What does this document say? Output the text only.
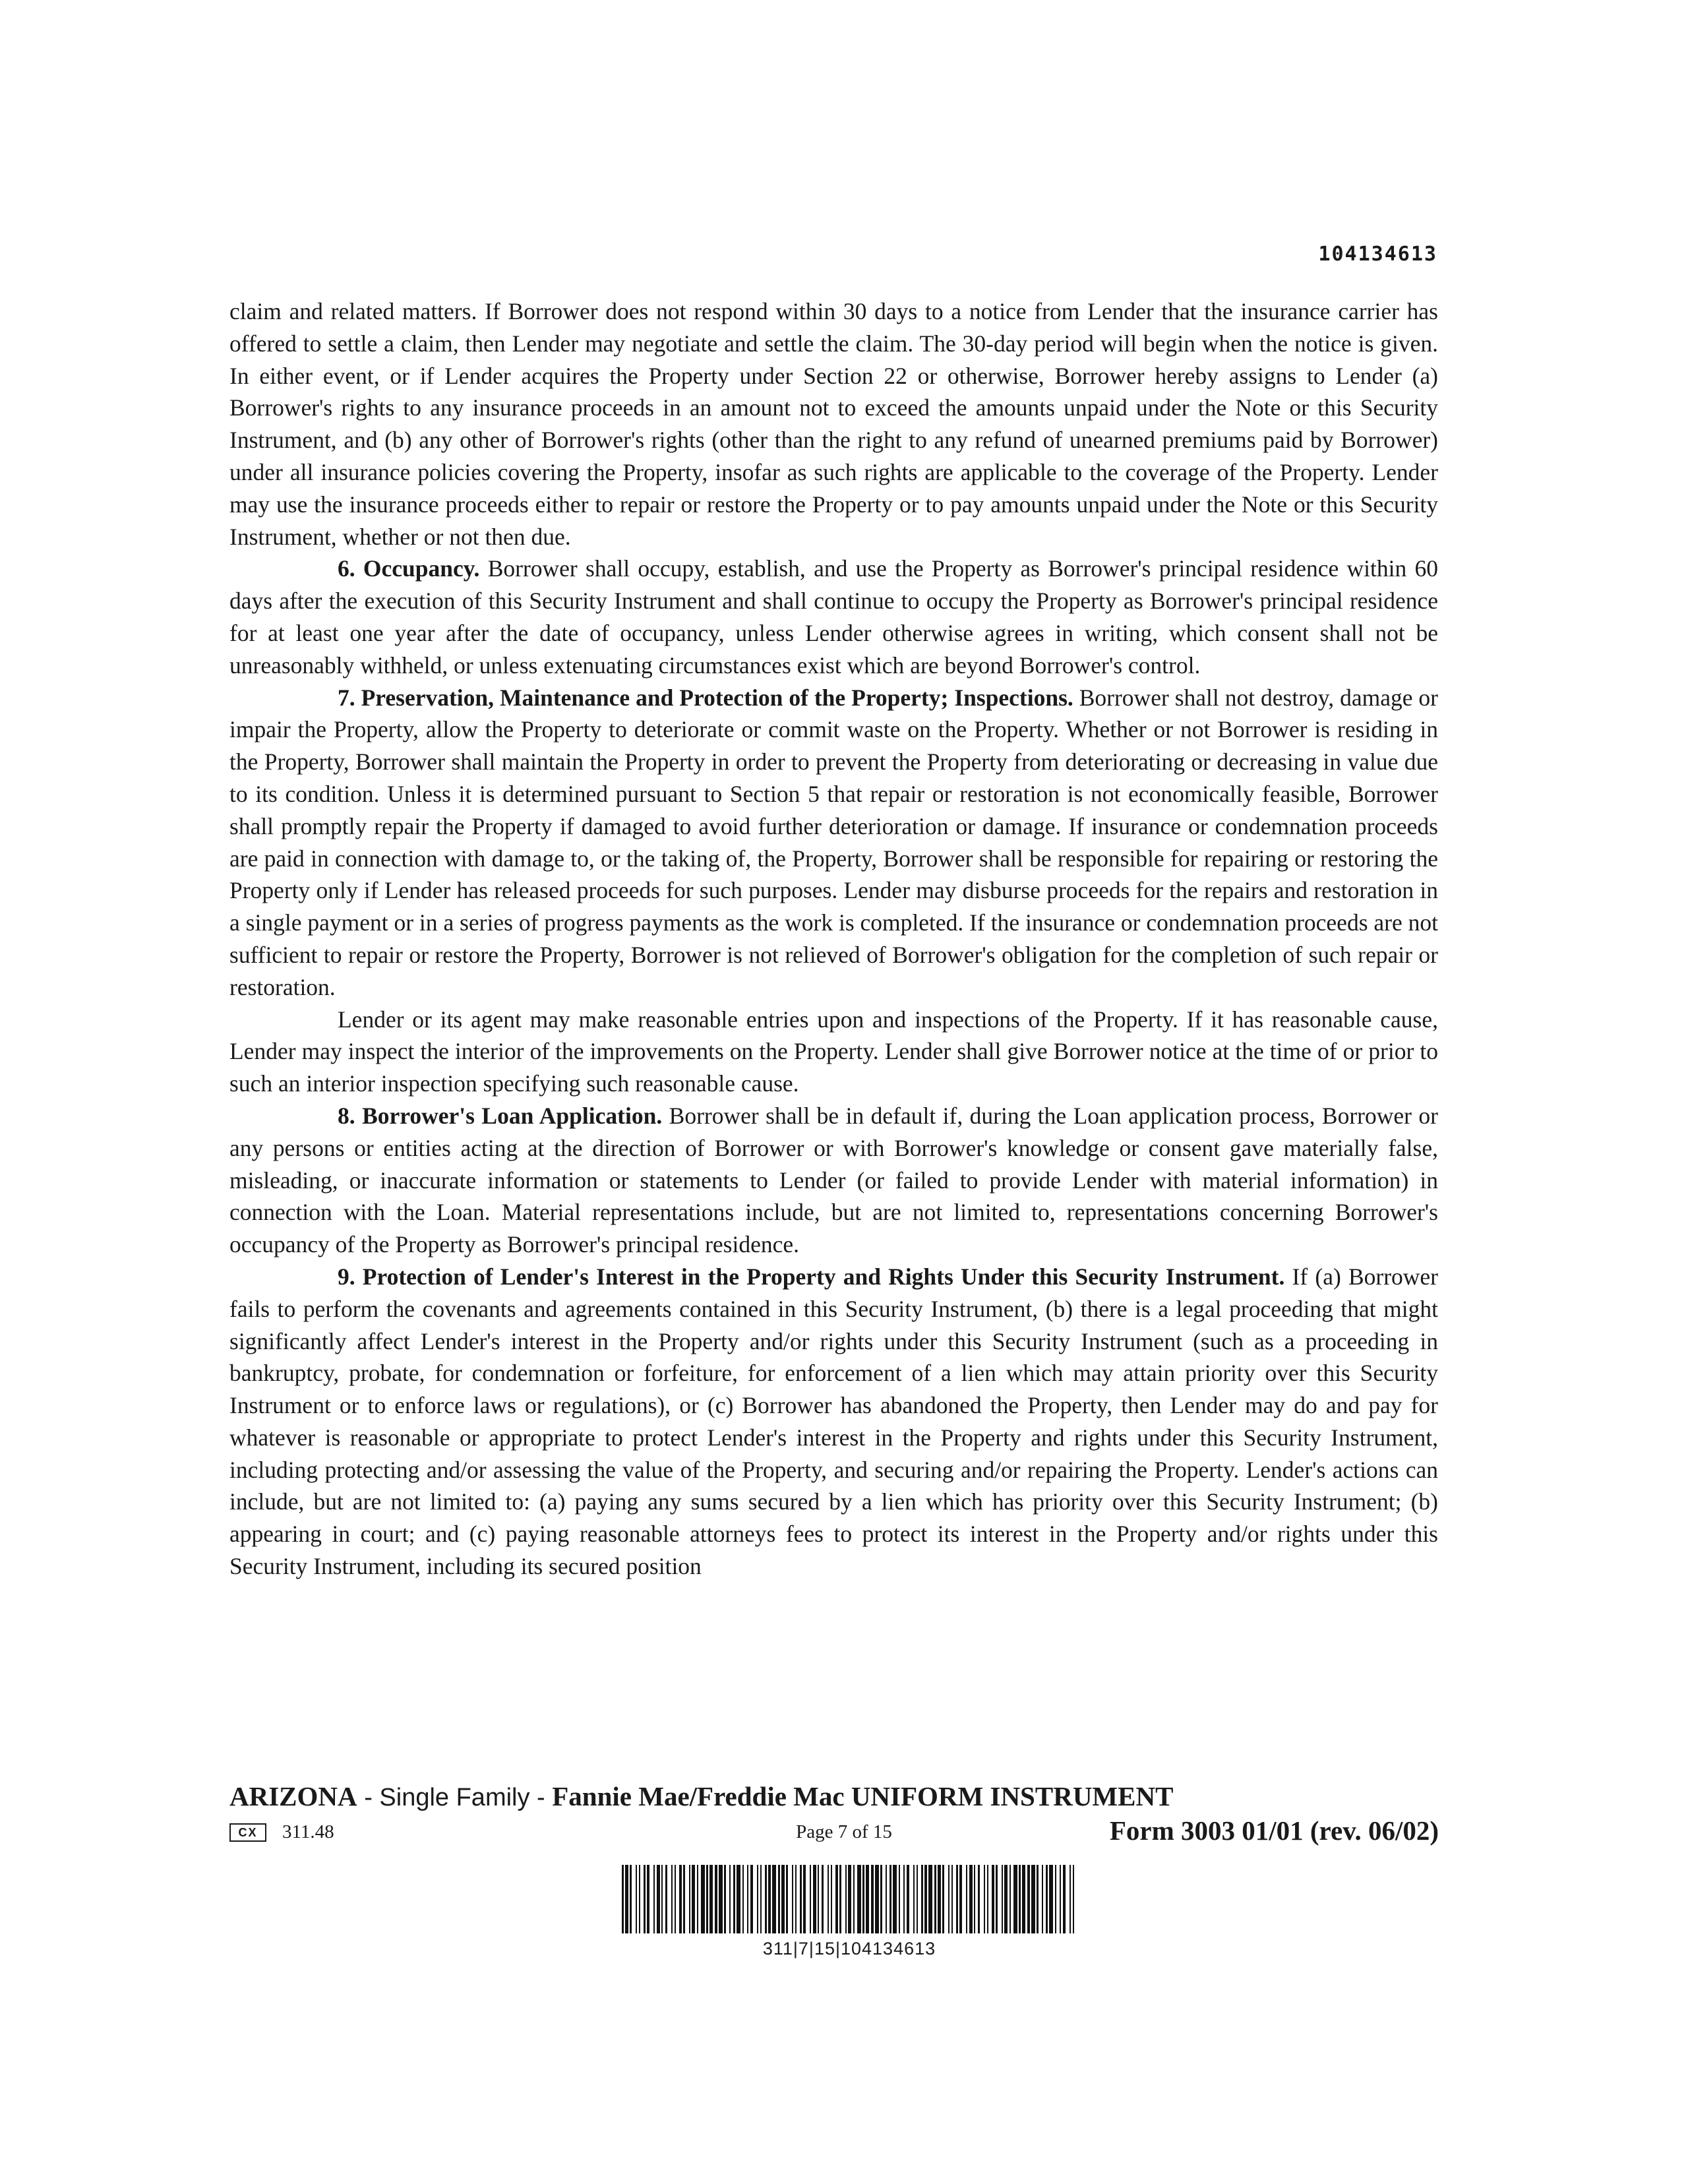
104134613

claim and related matters. If Borrower does not respond within 30 days to a notice from Lender that the insurance carrier has offered to settle a claim, then Lender may negotiate and settle the claim. The 30-day period will begin when the notice is given. In either event, or if Lender acquires the Property under Section 22 or otherwise, Borrower hereby assigns to Lender (a) Borrower's rights to any insurance proceeds in an amount not to exceed the amounts unpaid under the Note or this Security Instrument, and (b) any other of Borrower's rights (other than the right to any refund of unearned premiums paid by Borrower) under all insurance policies covering the Property, insofar as such rights are applicable to the coverage of the Property. Lender may use the insurance proceeds either to repair or restore the Property or to pay amounts unpaid under the Note or this Security Instrument, whether or not then due.

6. Occupancy. Borrower shall occupy, establish, and use the Property as Borrower's principal residence within 60 days after the execution of this Security Instrument and shall continue to occupy the Property as Borrower's principal residence for at least one year after the date of occupancy, unless Lender otherwise agrees in writing, which consent shall not be unreasonably withheld, or unless extenuating circumstances exist which are beyond Borrower's control.

7. Preservation, Maintenance and Protection of the Property; Inspections. Borrower shall not destroy, damage or impair the Property, allow the Property to deteriorate or commit waste on the Property. Whether or not Borrower is residing in the Property, Borrower shall maintain the Property in order to prevent the Property from deteriorating or decreasing in value due to its condition. Unless it is determined pursuant to Section 5 that repair or restoration is not economically feasible, Borrower shall promptly repair the Property if damaged to avoid further deterioration or damage. If insurance or condemnation proceeds are paid in connection with damage to, or the taking of, the Property, Borrower shall be responsible for repairing or restoring the Property only if Lender has released proceeds for such purposes. Lender may disburse proceeds for the repairs and restoration in a single payment or in a series of progress payments as the work is completed. If the insurance or condemnation proceeds are not sufficient to repair or restore the Property, Borrower is not relieved of Borrower's obligation for the completion of such repair or restoration.

Lender or its agent may make reasonable entries upon and inspections of the Property. If it has reasonable cause, Lender may inspect the interior of the improvements on the Property. Lender shall give Borrower notice at the time of or prior to such an interior inspection specifying such reasonable cause.

8. Borrower's Loan Application. Borrower shall be in default if, during the Loan application process, Borrower or any persons or entities acting at the direction of Borrower or with Borrower's knowledge or consent gave materially false, misleading, or inaccurate information or statements to Lender (or failed to provide Lender with material information) in connection with the Loan. Material representations include, but are not limited to, representations concerning Borrower's occupancy of the Property as Borrower's principal residence.

9. Protection of Lender's Interest in the Property and Rights Under this Security Instrument. If (a) Borrower fails to perform the covenants and agreements contained in this Security Instrument, (b) there is a legal proceeding that might significantly affect Lender's interest in the Property and/or rights under this Security Instrument (such as a proceeding in bankruptcy, probate, for condemnation or forfeiture, for enforcement of a lien which may attain priority over this Security Instrument or to enforce laws or regulations), or (c) Borrower has abandoned the Property, then Lender may do and pay for whatever is reasonable or appropriate to protect Lender's interest in the Property and rights under this Security Instrument, including protecting and/or assessing the value of the Property, and securing and/or repairing the Property. Lender's actions can include, but are not limited to: (a) paying any sums secured by a lien which has priority over this Security Instrument; (b) appearing in court; and (c) paying reasonable attorneys fees to protect its interest in the Property and/or rights under this Security Instrument, including its secured position

ARIZONA - Single Family - Fannie Mae/Freddie Mac UNIFORM INSTRUMENT
CX	311.48	Page 7 of 15	Form 3003 01/01 (rev. 06/02)
311|7|15|104134613
